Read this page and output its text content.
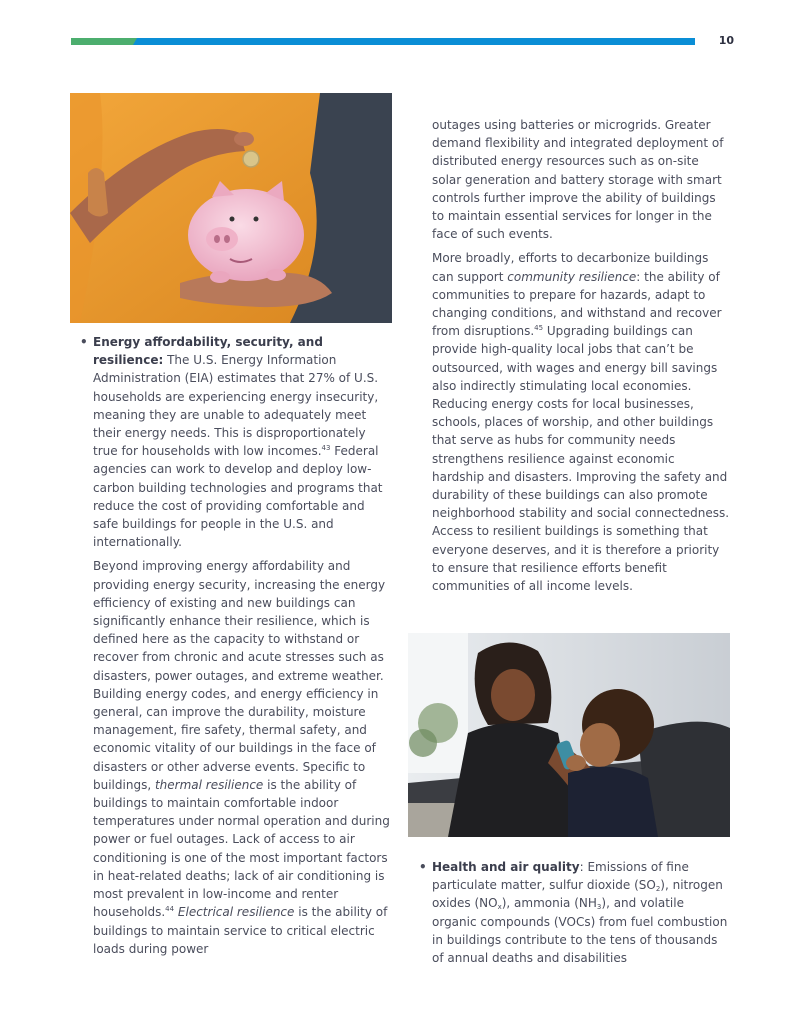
10

• Energy affordability, security, and resilience: The U.S. Energy Information Administration (EIA) estimates that 27% of U.S. households are experiencing energy insecurity, meaning they are unable to adequately meet their energy needs. This is disproportionately true for households with low incomes.$^{43}$ Federal agencies can work to develop and deploy low-carbon building technologies and programs that reduce the cost of providing comfortable and safe buildings for people in the U.S. and internationally.

Beyond improving energy affordability and providing energy security, increasing the energy efficiency of existing and new buildings can significantly enhance their resilience, which is defined here as the capacity to withstand or recover from chronic and acute stresses such as disasters, power outages, and extreme weather. Building energy codes, and energy efficiency in general, can improve the durability, moisture management, fire safety, thermal safety, and economic vitality of our buildings in the face of disasters or other adverse events. Specific to buildings, thermal resilience is the ability of buildings to maintain comfortable indoor temperatures under normal operation and during power or fuel outages. Lack of access to air conditioning is one of the most important factors in heat-related deaths; lack of air conditioning is most prevalent in low-income and renter households.$^{44}$ Electrical resilience is the ability of buildings to maintain service to critical electric loads during power

outages using batteries or microgrids. Greater demand flexibility and integrated deployment of distributed energy resources such as on-site solar generation and battery storage with smart controls further improve the ability of buildings to maintain essential services for longer in the face of such events.

More broadly, efforts to decarbonize buildings can support community resilience: the ability of communities to prepare for hazards, adapt to changing conditions, and withstand and recover from disruptions.$^{45}$ Upgrading buildings can provide high-quality local jobs that can’t be outsourced, with wages and energy bill savings also indirectly stimulating local economies. Reducing energy costs for local businesses, schools, places of worship, and other buildings that serve as hubs for community needs strengthens resilience against economic hardship and disasters. Improving the safety and durability of these buildings can also promote neighborhood stability and social connectedness. Access to resilient buildings is something that everyone deserves, and it is therefore a priority to ensure that resilience efforts benefit communities of all income levels.

• Health and air quality: Emissions of fine particulate matter, sulfur dioxide $(SO_2)$, nitrogen oxides $(NO_x)$, ammonia $(NH_3)$, and volatile organic compounds (VOCs) from fuel combustion in buildings contribute to the tens of thousands of annual deaths and disabilities
